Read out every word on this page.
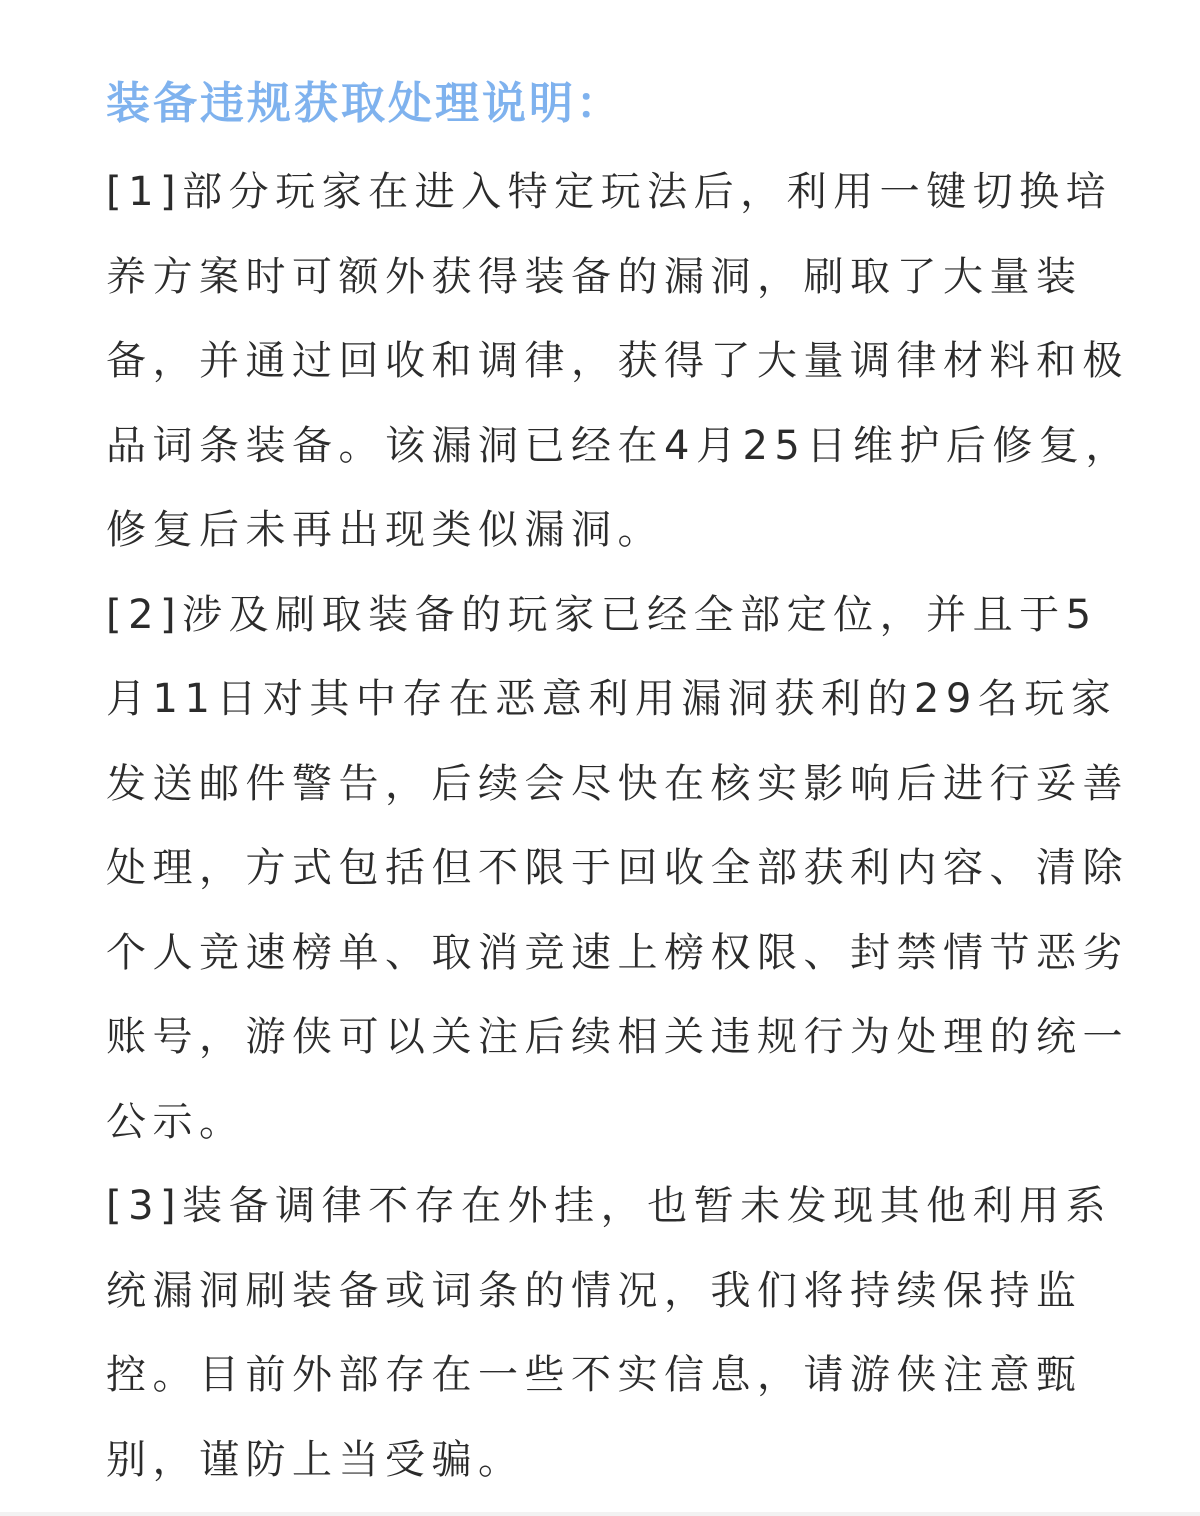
装备违规获取处理说明：

[1]部分玩家在进入特定玩法后，利用一键切换培
养方案时可额外获得装备的漏洞，刷取了大量装
备，并通过回收和调律，获得了大量调律材料和极
品词条装备。该漏洞已经在4月25日维护后修复，
修复后未再出现类似漏洞。

[2]涉及刷取装备的玩家已经全部定位，并且于5
月11日对其中存在恶意利用漏洞获利的29名玩家
发送邮件警告，后续会尽快在核实影响后进行妥善
处理，方式包括但不限于回收全部获利内容、清除
个人竞速榜单、取消竞速上榜权限、封禁情节恶劣
账号，游侠可以关注后续相关违规行为处理的统一
公示。

[3]装备调律不存在外挂，也暂未发现其他利用系
统漏洞刷装备或词条的情况，我们将持续保持监
控。目前外部存在一些不实信息，请游侠注意甄
别，谨防上当受骗。
